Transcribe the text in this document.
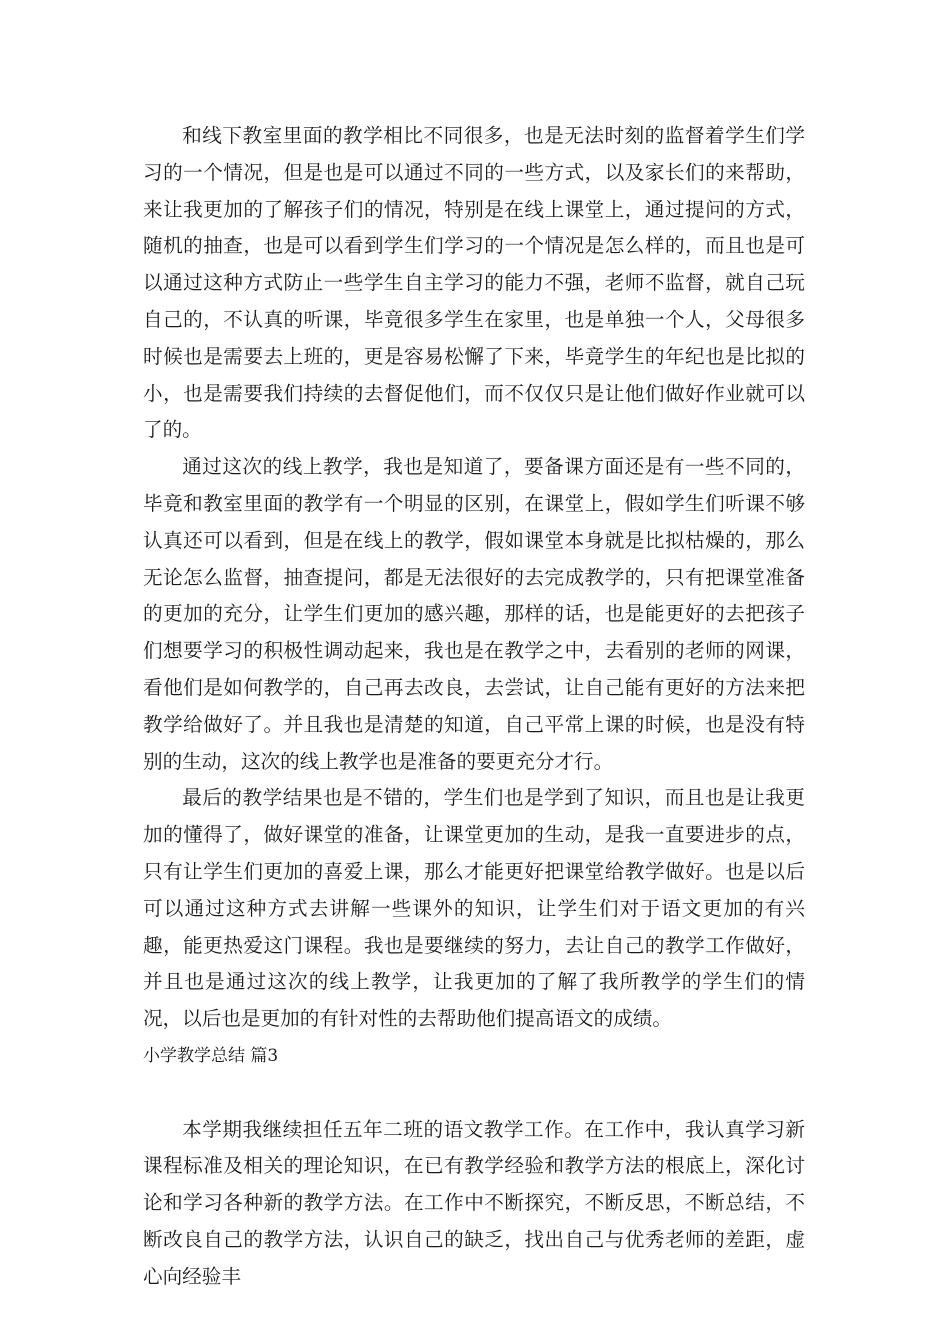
和线下教室里面的教学相比不同很多，也是无法时刻的监督着学生们学习的一个情况，但是也是可以通过不同的一些方式，以及家长们的来帮助，来让我更加的了解孩子们的情况，特别是在线上课堂上，通过提问的方式，随机的抽查，也是可以看到学生们学习的一个情况是怎么样的，而且也是可以通过这种方式防止一些学生自主学习的能力不强，老师不监督，就自己玩自己的，不认真的听课，毕竟很多学生在家里，也是单独一个人，父母很多时候也是需要去上班的，更是容易松懈了下来，毕竟学生的年纪也是比拟的小，也是需要我们持续的去督促他们，而不仅仅只是让他们做好作业就可以了的。

通过这次的线上教学，我也是知道了，要备课方面还是有一些不同的，毕竟和教室里面的教学有一个明显的区别，在课堂上，假如学生们听课不够认真还可以看到，但是在线上的教学，假如课堂本身就是比拟枯燥的，那么无论怎么监督，抽查提问，都是无法很好的去完成教学的，只有把课堂准备的更加的充分，让学生们更加的感兴趣，那样的话，也是能更好的去把孩子们想要学习的积极性调动起来，我也是在教学之中，去看别的老师的网课，看他们是如何教学的，自己再去改良，去尝试，让自己能有更好的方法来把教学给做好了。并且我也是清楚的知道，自己平常上课的时候，也是没有特别的生动，这次的线上教学也是准备的要更充分才行。

最后的教学结果也是不错的，学生们也是学到了知识，而且也是让我更加的懂得了，做好课堂的准备，让课堂更加的生动，是我一直要进步的点，只有让学生们更加的喜爱上课，那么才能更好把课堂给教学做好。也是以后可以通过这种方式去讲解一些课外的知识，让学生们对于语文更加的有兴趣，能更热爱这门课程。我也是要继续的努力，去让自己的教学工作做好，并且也是通过这次的线上教学，让我更加的了解了我所教学的学生们的情况，以后也是更加的有针对性的去帮助他们提高语文的成绩。

小学教学总结 篇3

本学期我继续担任五年二班的语文教学工作。在工作中，我认真学习新课程标准及相关的理论知识，在已有教学经验和教学方法的根底上，深化讨论和学习各种新的教学方法。在工作中不断探究，不断反思，不断总结，不断改良自己的教学方法，认识自己的缺乏，找出自己与优秀老师的差距，虚心向经验丰
